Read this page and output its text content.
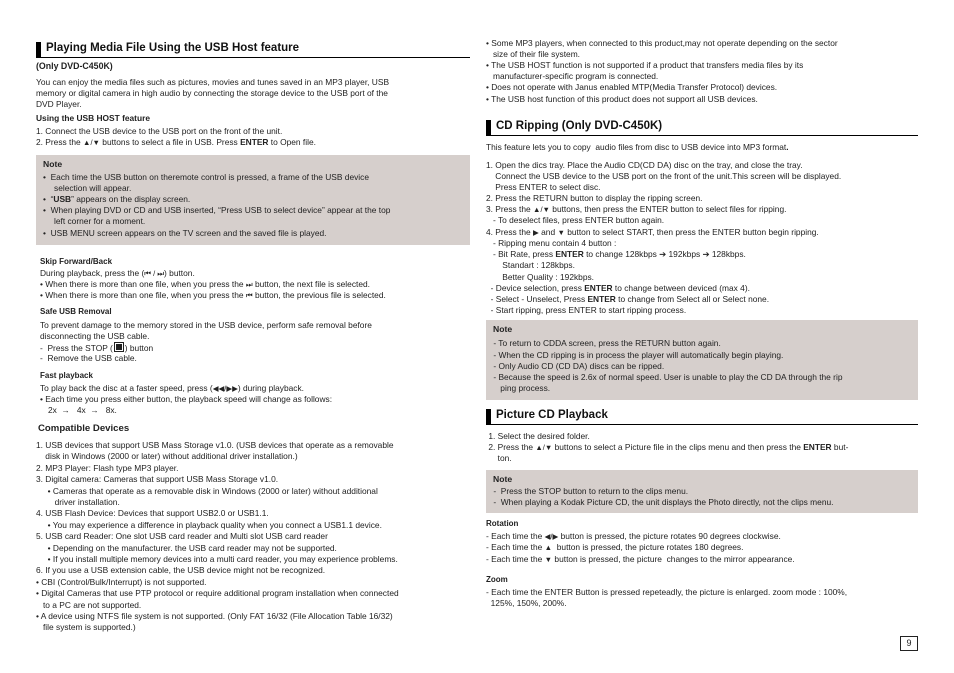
Playing Media File Using the USB Host feature
(Only DVD-C450K)
You can enjoy the media files such as pictures, movies and tunes saved in an MP3 player, USB
memory or digital camera in high audio by connecting the storage device to the USB port of the
DVD Player.
Using the USB HOST feature
1. Connect the USB device to the USB port on the front of the unit.
2. Press the ▲/▼ buttons to select a file in USB. Press ENTER to Open file.
Note
•  Each time the USB button on theremote control is pressed, a frame of the USB device
selection will appear.
•  “USB” appears on the display screen.
•  When playing DVD or CD and USB inserted, “Press USB to select device” appear at the top
left corner for a moment.
•  USB MENU screen appears on the TV screen and the saved file is played.
Skip Forward/Back
During playback, press the (⏮ / ⏭) button.
• When there is more than one file, when you press the ⏭ button, the next file is selected.
• When there is more than one file, when you press the ⏮ button, the previous file is selected.
Safe USB Removal
To prevent damage to the memory stored in the USB device, perform safe removal before
disconnecting the USB cable.
-  Press the STOP ( ) button
-  Remove the USB cable.
Fast playback
To play back the disc at a faster speed, press (◀◀/▶▶) during playback.
• Each time you press either button, the playback speed will change as follows:
2x  →   4x  →   8x.
Compatible Devices
1. USB devices that support USB Mass Storage v1.0. (USB devices that operate as a removable
disk in Windows (2000 or later) without additional driver installation.)
2. MP3 Player: Flash type MP3 player.
3. Digital camera: Cameras that support USB Mass Storage v1.0.
• Cameras that operate as a removable disk in Windows (2000 or later) without additional
driver installation.
4. USB Flash Device: Devices that support USB2.0 or USB1.1.
• You may experience a difference in playback quality when you connect a USB1.1 device.
5. USB card Reader: One slot USB card reader and Multi slot USB card reader
• Depending on the manufacturer. the USB card reader may not be supported.
• If you install multiple memory devices into a multi card reader, you may experience problems.
6. If you use a USB extension cable, the USB device might not be recognized.
• CBI (Control/Bulk/Interrupt) is not supported.
• Digital Cameras that use PTP protocol or require additional program installation when connected
to a PC are not supported.
• A device using NTFS file system is not supported. (Only FAT 16/32 (File Allocation Table 16/32)
file system is supported.)
• Some MP3 players, when connected to this product,may not operate depending on the sector
size of their file system.
• The USB HOST function is not supported if a product that transfers media files by its
manufacturer-specific program is connected.
• Does not operate with Janus enabled MTP(Media Transfer Protocol) devices.
• The USB host function of this product does not support all USB devices.
CD Ripping (Only DVD-C450K)
This feature lets you to copy  audio files from disc to USB device into MP3 format.
1. Open the dics tray. Place the Audio CD(CD DA) disc on the tray, and close the tray.
Connect the USB device to the USB port on the front of the unit.This screen will be displayed.
Press ENTER to select disc.
2. Press the RETURN button to display the ripping screen.
3. Press the ▲/▼ buttons, then press the ENTER button to select files for ripping.
- To deselect files, press ENTER button again.
4. Press the ▶ and ▼ button to select START, then press the ENTER button begin ripping.
- Ripping menu contain 4 button :
- Bit Rate, press ENTER to change 128kbps ➔ 192kbps ➔ 128kbps.
Standart : 128kbps.
Better Quality : 192kbps.
- Device selection, press ENTER to change between deviced (max 4).
- Select - Unselect, Press ENTER to change from Select all or Select none.
- Start ripping, press ENTER to start ripping process.
Note
- To return to CDDA screen, press the RETURN button again.
- When the CD ripping is in process the player will automatically begin playing.
- Only Audio CD (CD DA) discs can be ripped.
- Because the speed is 2.6x of normal speed. User is unable to play the CD DA through the rip
ping process.
Picture CD Playback
1. Select the desired folder.
2. Press the ▲/▼ buttons to select a Picture file in the clips menu and then press the ENTER but-
ton.
Note
-  Press the STOP button to return to the clips menu.
-  When playing a Kodak Picture CD, the unit displays the Photo directly, not the clips menu.
Rotation
- Each time the ◀/▶ button is pressed, the picture rotates 90 degrees clockwise.
- Each time the ▲  button is pressed, the picture rotates 180 degrees.
- Each time the ▼ button is pressed, the picture  changes to the mirror appearance.
Zoom
- Each time the ENTER Button is pressed repeteadly, the picture is enlarged. zoom mode : 100%,
125%, 150%, 200%.
9
